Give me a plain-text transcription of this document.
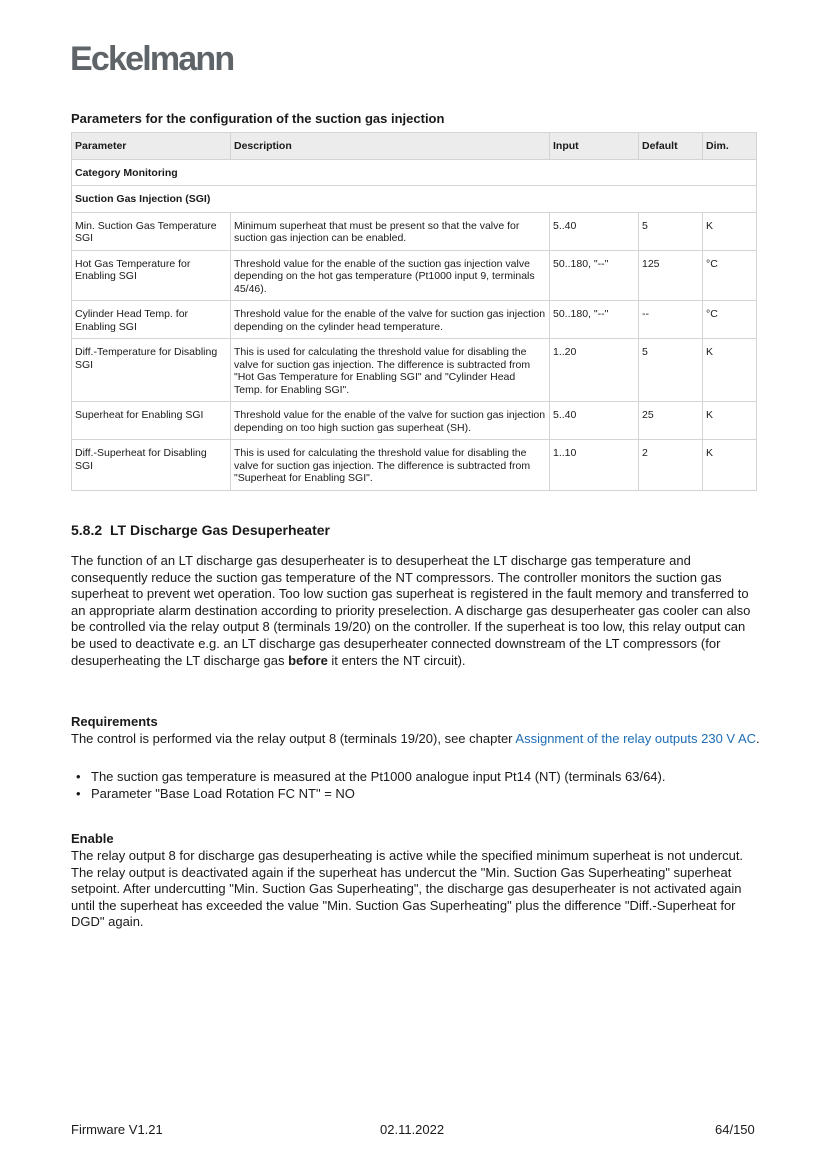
Eckelmann
Parameters for the configuration of the suction gas injection
Parameter	Description	Input	Default	Dim.
Category Monitoring				
Suction Gas Injection (SGI)				
Min. Suction Gas Temperature SGI	Minimum superheat that must be present so that the valve for suction gas injection can be enabled.	5..40	5	K
Hot Gas Temperature for Enabling SGI	Threshold value for the enable of the suction gas injection valve depending on the hot gas temperature (Pt1000 input 9, terminals 45/46).	50..180, "--"	125	°C
Cylinder Head Temp. for Enabling SGI	Threshold value for the enable of the valve for suction gas injection depending on the cylinder head temperature.	50..180, "--"	--	°C
Diff.-Temperature for Disabling SGI	This is used for calculating the threshold value for disabling the valve for suction gas injection. The difference is subtracted from "Hot Gas Temperature for Enabling SGI" and "Cylinder Head Temp. for Enabling SGI".	1..20	5	K
Superheat for Enabling SGI	Threshold value for the enable of the valve for suction gas injection depending on too high suction gas superheat (SH).	5..40	25	K
Diff.-Superheat for Disabling SGI	This is used for calculating the threshold value for disabling the valve for suction gas injection. The difference is subtracted from "Superheat for Enabling SGI".	1..10	2	K
5.8.2 LT Discharge Gas Desuperheater

The function of an LT discharge gas desuperheater is to desuperheat the LT discharge gas temperature and consequently reduce the suction gas temperature of the NT compressors. The controller monitors the suction gas superheat to prevent wet operation. Too low suction gas superheat is registered in the fault memory and transferred to an appropriate alarm destination according to priority preselection. A discharge gas desuperheater gas cooler can also be controlled via the relay output 8 (terminals 19/20) on the controller. If the superheat is too low, this relay output can be used to deactivate e.g. an LT discharge gas desuperheater connected downstream of the LT compressors (for desuperheating the LT discharge gas before it enters the NT circuit).

Requirements

The control is performed via the relay output 8 (terminals 19/20), see chapter Assignment of the relay outputs 230 V AC.

• The suction gas temperature is measured at the Pt1000 analogue input Pt14 (NT) (terminals 63/64).
• Parameter "Base Load Rotation FC NT" = NO
Enable

The relay output 8 for discharge gas desuperheating is active while the specified minimum superheat is not undercut. The relay output is deactivated again if the superheat has undercut the "Min. Suction Gas Superheating" superheat setpoint. After undercutting "Min. Suction Gas Superheating", the discharge gas desuperheater is not activated again until the superheat has exceeded the value "Min. Suction Gas Superheating" plus the difference "Diff.-Superheat for DGD" again.

Firmware V1.21	02.11.2022	64/150
